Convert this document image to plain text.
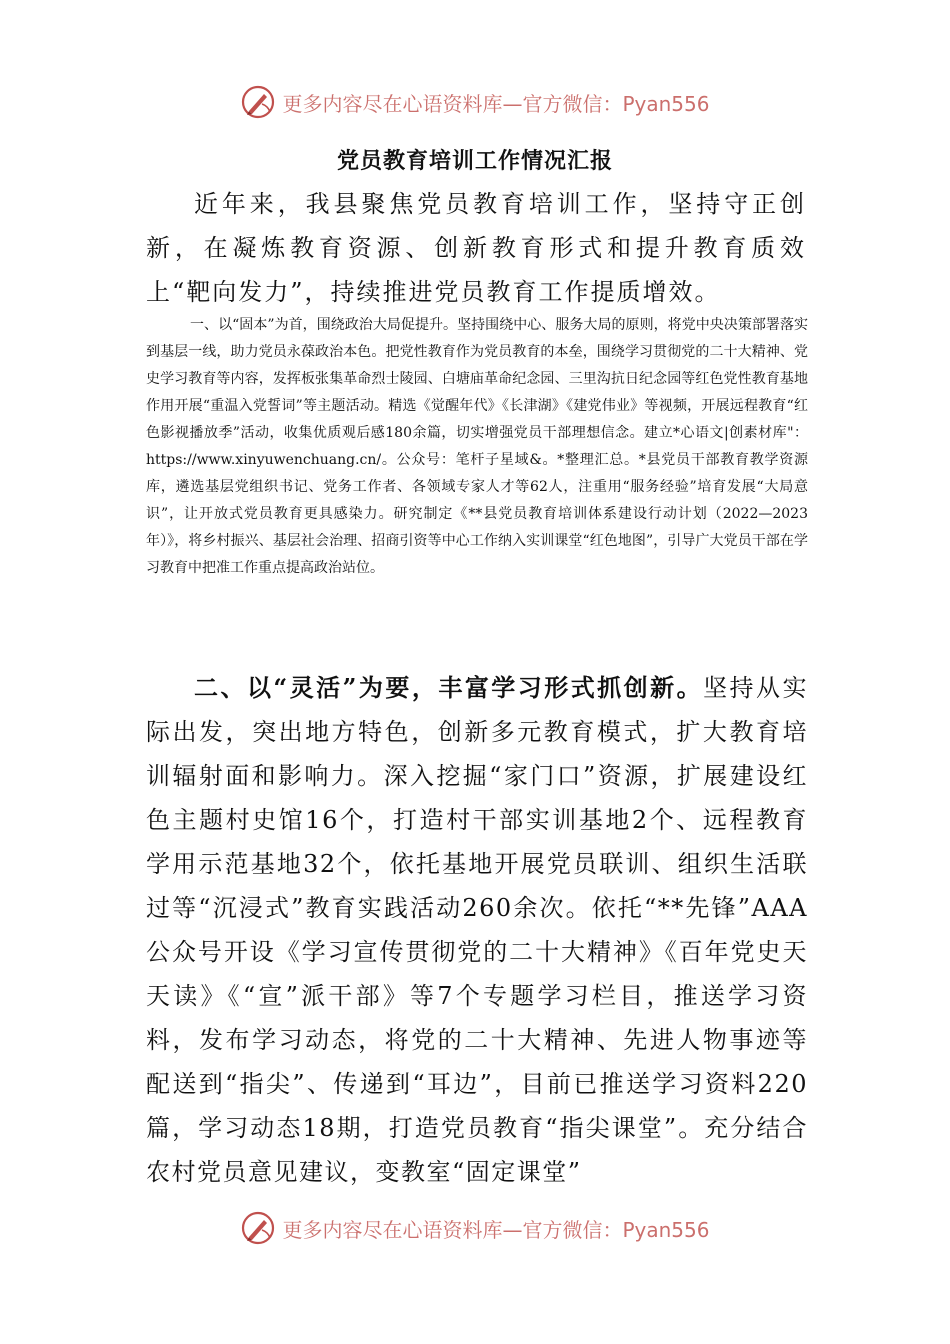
更多内容尽在心语资料库—官方微信：Pyan556
党员教育培训工作情况汇报

近年来，我县聚焦党员教育培训工作，坚持守正创新，在凝炼教育资源、创新教育形式和提升教育质效上“靶向发力”，持续推进党员教育工作提质增效。

一、以“固本”为首，围绕政治大局促提升。坚持围绕中心、服务大局的原则，将党中央决策部署落实到基层一线，助力党员永葆政治本色。把党性教育作为党员教育的本垒，围绕学习贯彻党的二十大精神、党史学习教育等内容，发挥板张集革命烈士陵园、白塘庙革命纪念园、三里沟抗日纪念园等红色党性教育基地作用开展“重温入党誓词”等主题活动。精选《觉醒年代》《长津湖》《建党伟业》等视频，开展远程教育“红色影视播放季”活动，收集优质观后感180余篇，切实增强党员干部理想信念。建立*心语文|创素材库"：https://www.xinyuwenchuang.cn/。公众号：笔杆子星域&。*整理汇总。*县党员干部教育教学资源库，遴选基层党组织书记、党务工作者、各领域专家人才等62人，注重用“服务经验”培育发展“大局意识”，让开放式党员教育更具感染力。研究制定《**县党员教育培训体系建设行动计划（2022—2023年）》，将乡村振兴、基层社会治理、招商引资等中心工作纳入实训课堂“红色地图”，引导广大党员干部在学习教育中把准工作重点提高政治站位。

二、以“灵活”为要，丰富学习形式抓创新。坚持从实际出发，突出地方特色，创新多元教育模式，扩大教育培训辐射面和影响力。深入挖掘“家门口”资源，扩展建设红色主题村史馆16个，打造村干部实训基地2个、远程教育学用示范基地32个，依托基地开展党员联训、组织生活联过等“沉浸式”教育实践活动260余次。依托“**先锋”AAA公众号开设《学习宣传贯彻党的二十大精神》《百年党史天天读》《“宣”派干部》等7个专题学习栏目，推送学习资料，发布学习动态，将党的二十大精神、先进人物事迹等配送到“指尖”、传递到“耳边”，目前已推送学习资料220篇，学习动态18期，打造党员教育“指尖课堂”。充分结合农村党员意见建议，变教室“固定课堂”

更多内容尽在心语资料库—官方微信：Pyan556
